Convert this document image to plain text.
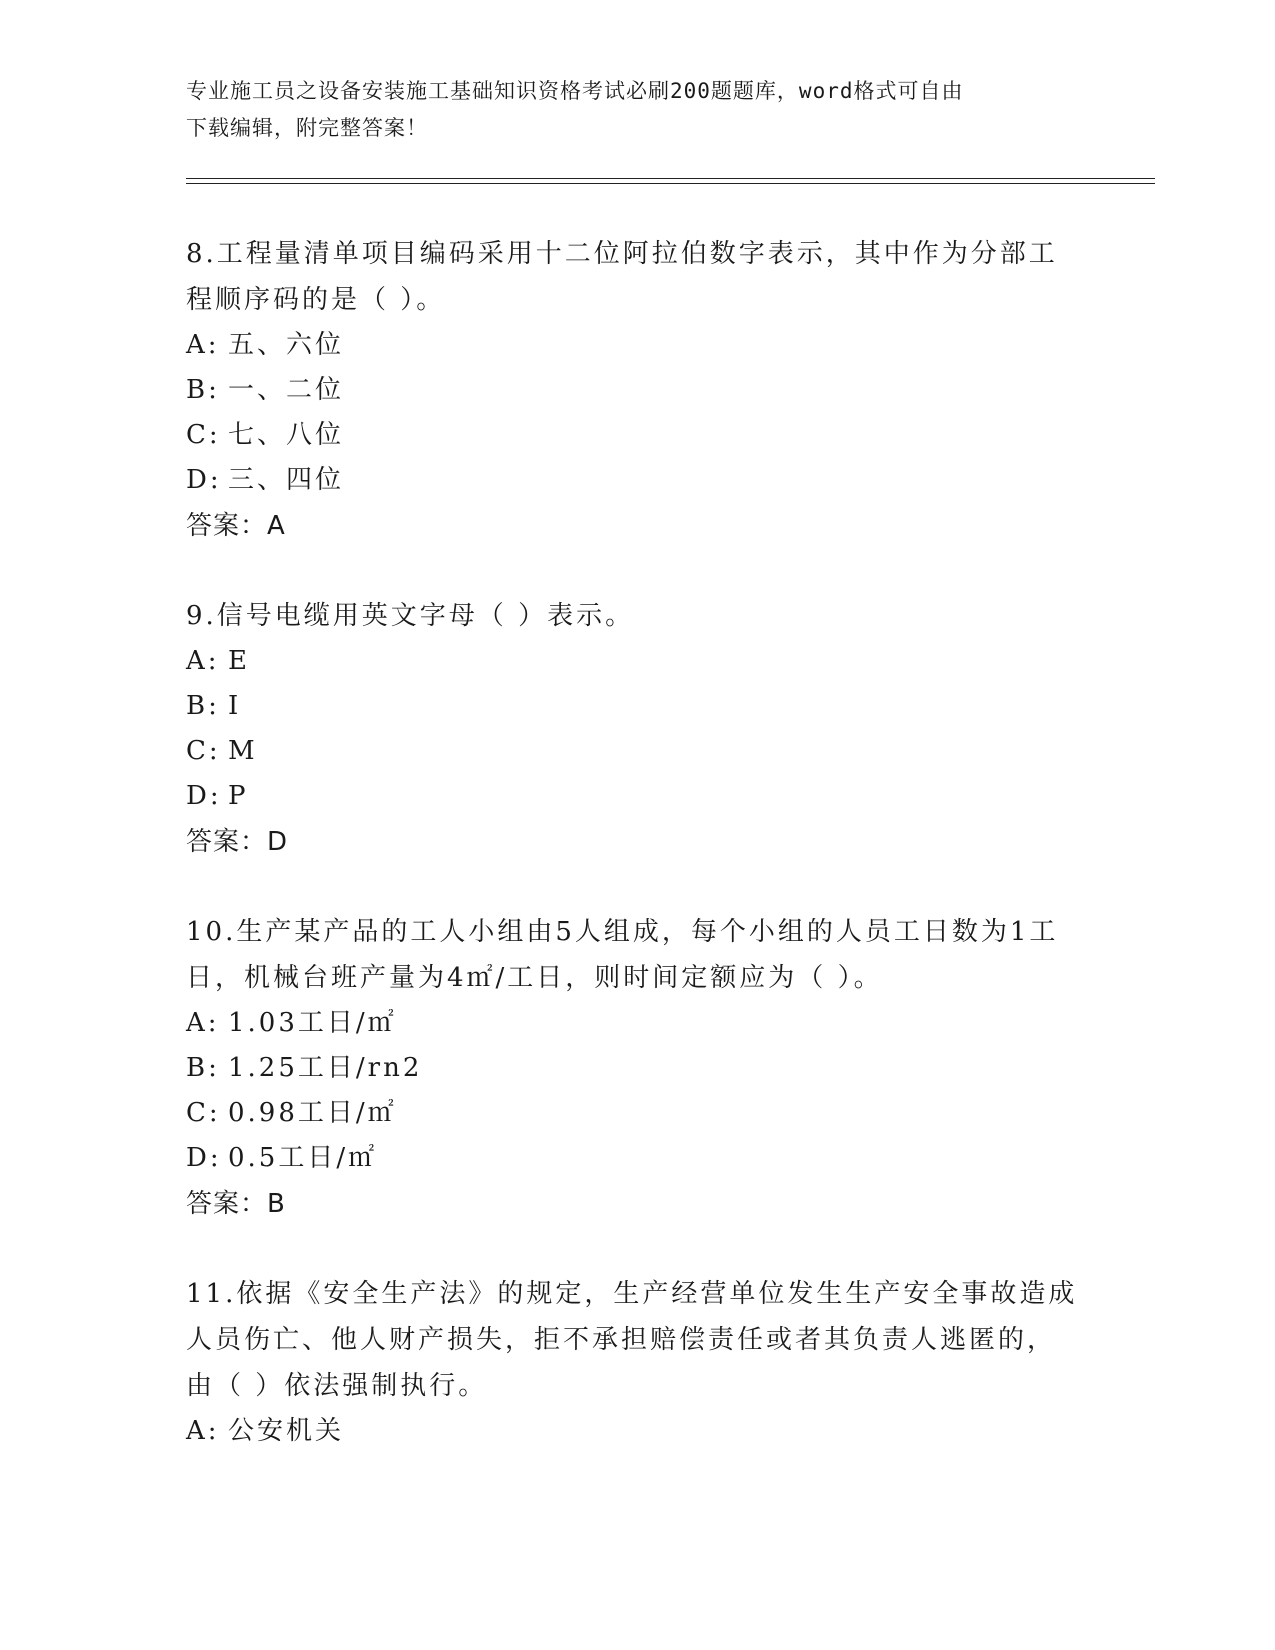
专业施工员之设备安装施工基础知识资格考试必刷200题题库，word格式可自由
下载编辑，附完整答案！

8.工程量清单项目编码采用十二位阿拉伯数字表示，其中作为分部工

程顺序码的是（ ）。

A: 五、六位

B: 一、二位

C: 七、八位

D: 三、四位

答案：A

9.信号电缆用英文字母（ ）表示。

A: E

B: I

C: M

D: P

答案：D

10.生产某产品的工人小组由5人组成，每个小组的人员工日数为1工

日，机械台班产量为4㎡/工日，则时间定额应为（ ）。

A: 1.03工日/㎡

B: 1.25工日/rn2

C: 0.98工日/㎡

D: 0.5工日/㎡

答案：B

11.依据《安全生产法》的规定，生产经营单位发生生产安全事故造成

人员伤亡、他人财产损失，拒不承担赔偿责任或者其负责人逃匿的，

由（ ）依法强制执行。

A: 公安机关
